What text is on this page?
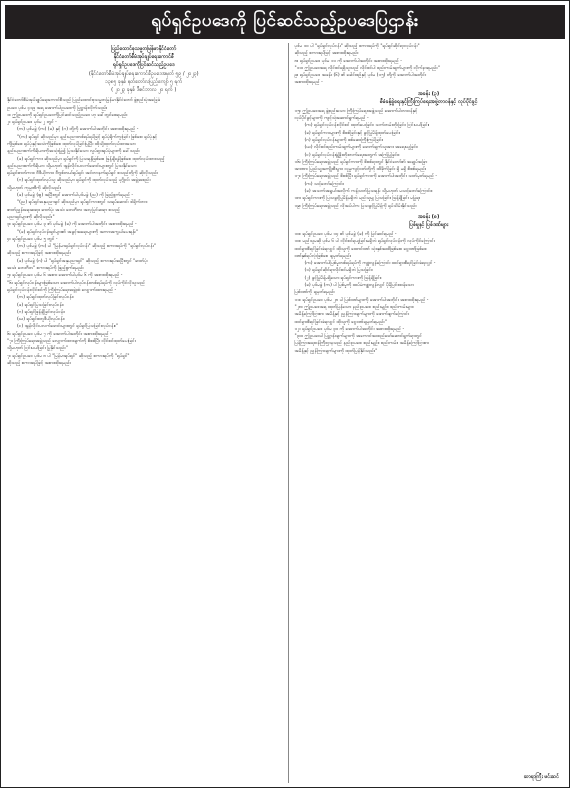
ရုပ်ရှင်ဥပဒေကို ပြင်ဆင်သည့်ဥပဒေပြဌာန်း
ပြည်ထောင်စုသမ္မတမြန်မာနိုင်ငံတော်
နိုင်ငံတော်စီမံအုပ်ချုပ်ရေးကောင်စီ
ရုပ်ရှင်ဥပဒေကိုပြင်ဆင်သည့်ဥပဒေ
(နိုင်ငံတော်စီမံအုပ်ချုပ်ရေးကောင်စီဥပဒေအမှတ် ၅၉ / ၂၀၂၃)
၁၃၈၅ ခုနှစ် နတ်တော်လပြည့်ကျော် ၅ ရက်
( ၂၀၂၃ ခုနှစ် ဒီဇင်ဘာလ ၂၀ ရက် )
နိုင်ငံတော်စီမံအုပ်ချုပ်ရေးကောင်စီသည် ပြည်ထောင်စုသမ္မတမြန်မာနိုင်ငံတော် ဖွဲ့စည်းပုံအခြေခံ
ဥပဒေ ပုဒ်မ ၄၁၉ အရ အောက်ပါဥပဒေကို ပြဋ္ဌာန်းလိုက်သည်။
၁။ ဤဥပဒေကို ရုပ်ရှင်ဥပဒေကိုပြင်ဆင်သည့်ဥပဒေ ဟု ခေါ်တွင်စေရမည်။
၂။ ရုပ်ရှင်ဥပဒေ ပုဒ်မ ၂ တွင် -
(က) ပုဒ်မခွဲ (က) (ခ) နှင့် (ဂ) တို့ကို အောက်ပါအတိုင်း အစားထိုးရမည် -
"(က) ရုပ်ရှင် ဆိုသည်မှာ နည်းပညာတစ်ရပ်ရပ်ဖြင့် ရုပ်ပုံရိုက်ကူးခြင်း ဖြစ်စေ၊ ရုပ်ပုံနှင့်
ကိုဖြစ်စေ ရုပ်ပုံနှင့်အသံကိုဖြစ်စေ ထုတ်လုပ်ခြင်းပြုပြီး ထိုသို့ထုတ်လုပ်ထားသော
နည်းပညာစက်ကိရိယာကိုအသုံးပြု၍ ပြသနိုင်သော လှုပ်ရှားရုပ်ပုံများကို ခေါ်သည်။
(ခ) ရုပ်ရှင်ကား ဆိုသည်မှာ ရုပ်ရှင်ကို ပြသရန်ဖြစ်စေ၊ ဖြန့်ချိရန်ဖြစ်စေ ထုတ်လုပ်ထားသည့်
နည်းပညာစက်ကိရိယာ သို့မဟုတ် အွန်လိုင်းပလက်ဖောင်းများတွင် ပြသနိုင်သော
ရုပ်ရှင်ဇာတ်ကား၊ ဗီဒီယိုကား၊ ဒီဂျစ်တယ်ရုပ်ရှင်၊ အင်တာနက်ရုပ်ရှင် စသည်တို့ကို ဆိုလိုသည်။
(ဂ) ရုပ်ရှင်ထုတ်လုပ်သူ ဆိုသည်မှာ ရုပ်ရှင်ကို ထုတ်လုပ်သည့် ပုဂ္ဂိုလ်၊ အဖွဲ့အစည်း
သို့မဟုတ် ကုမ္ပဏီကို ဆိုလိုသည်။
(ခ) ပုဒ်မခွဲ (ဈ) အပြီးတွင် အောက်ပါပုဒ်မခွဲ (ည) ကို ဖြည့်စွက်ရမည် -
"(ည) ရုပ်ရှင်အနုပညာရှင် ဆိုသည်မှာ ရုပ်ရှင်ကားတွင် သရုပ်ဆောင်၊ ဒါရိုက်တာ၊
ဇာတ်ညွှန်းရေးဆရာ၊ ဓာတ်ပုံ၊ အသံ၊ တေးဂီတ၊ အလှပြင်ဆရာ စသည့်
ပညာရှင်များကို ဆိုလိုသည်။"
၃။ ရုပ်ရှင်ဥပဒေ ပုဒ်မ ၃ ၏ ပုဒ်မခွဲ (ခ) ကို အောက်ပါအတိုင်း အစားထိုးရမည် -
"(ခ) ရုပ်ရှင်လုပ်ငန်းရှင်များ၏ အခွင့်အရေးများကို အကာအကွယ်ပေးရန်။"
၄။ ရုပ်ရှင်ဥပဒေ ပုဒ်မ ၅ တွင် -
(က) ပုဒ်မခွဲ (က) ပါ "မြန်မာရုပ်ရှင်လုပ်ငန်း" ဆိုသည့် စကားရပ်ကို "ရုပ်ရှင်လုပ်ငန်း"
ဆိုသည့် စကားရပ်ဖြင့် အစားထိုးရမည်။
(ခ) ပုဒ်မခွဲ (ဂ) ပါ "ရုပ်ရှင်အနုပညာရှင်" ဆိုသည့် စကားရပ်အပြီးတွင် "ဓာတ်ပုံ၊
အသံ၊ တေးဂီတ" စကားရပ်ကို ဖြည့်စွက်ရမည်။
၅။ ရုပ်ရှင်ဥပဒေ ပုဒ်မ ၆ အစား အောက်ပါပုဒ်မ ၆ ကို အစားထိုးရမည် -
"၆။ ရုပ်ရှင်လုပ်ငန်းများဖြစ်သော အောက်ပါလုပ်ငန်းတစ်ရပ်ရပ်ကို လုပ်ကိုင်လိုသူသည်
ရုပ်ရှင်လုပ်ငန်းလိုင်စင်ကို ကြီးကြပ်ရေးအဖွဲ့ထံ လျှောက်ထားရမည် -
(က) ရုပ်ရှင်ထုတ်လုပ်ခြင်းလုပ်ငန်း၊
(ခ) ရုပ်ရှင်ပြသခြင်းလုပ်ငန်း၊
(ဂ) ရုပ်ရှင်ဖြန့်ချိခြင်းလုပ်ငန်း၊
(ဃ) ရုပ်ရှင်စတူဒီယိုလုပ်ငန်း၊
(င) အွန်လိုင်းပလက်ဖောင်းများတွင် ရုပ်ရှင်ပြသခြင်းလုပ်ငန်း။"
၆။ ရုပ်ရှင်ဥပဒေ ပုဒ်မ ၇ ကို အောက်ပါအတိုင်း အစားထိုးရမည် -
"၇။ ကြီးကြပ်ရေးအဖွဲ့သည် လျှောက်ထားချက်ကို စိစစ်ပြီး လိုင်စင်ထုတ်ပေးခြင်း
သို့မဟုတ် ငြင်းပယ်ခြင်း ပြုနိုင်သည်။"
၇။ ရုပ်ရှင်ဥပဒေ ပုဒ်မ ၈ ပါ "မြန်မာရုပ်ရှင်" ဆိုသည့် စကားရပ်ကို "ရုပ်ရှင်"
ဆိုသည့် စကားရပ်ဖြင့် အစားထိုးရမည်။
ပုဒ်မ ၁၀ ပါ "ရုပ်ရှင်လုပ်ငန်း" ဆိုသည့် စကားရပ်ကို "ရုပ်ရှင်ဆိုင်ရာလုပ်ငန်း"
ဆိုသည့် စကားရပ်ဖြင့် အစားထိုးရမည်။
၈။ ရုပ်ရှင်ဥပဒေ ပုဒ်မ ၁၁ ကို အောက်ပါအတိုင်း အစားထိုးရမည် -
"၁၁။ ဤဥပဒေအရ လိုင်စင်ရရှိသူသည် လိုင်စင်ပါ စည်းကမ်းချက်များကို လိုက်နာရမည်။"
၉။ ရုပ်ရှင်ဥပဒေ အခန်း (၆) ၏ ခေါင်းစဉ်နှင့် ပုဒ်မ (၁၅) တို့ကို အောက်ပါအတိုင်း
အစားထိုးရမည် -
အခန်း (၃)
စီမံခန့်ခွဲရေးနှင့်ကြီးကြပ်ရေးအဖွဲ့တာဝန်နှင့် လုပ်ပိုင်ခွင့်
၁၅။ ဤဥပဒေအရ ဖွဲ့စည်းသော ကြီးကြပ်ရေးအဖွဲ့သည် အောက်ပါတာဝန်နှင့်
လုပ်ပိုင်ခွင့်များကို ကျင့်သုံးဆောင်ရွက်ရမည် -
(က) ရုပ်ရှင်လုပ်ငန်းလိုင်စင် ထုတ်ပေးခြင်း၊ သက်တမ်းတိုးခြင်း၊ ငြင်းပယ်ခြင်း၊
(ခ) ရုပ်ရှင်ကားများကို စိစစ်ခြင်းနှင့် ခွင့်ပြုမိန့်ထုတ်ပေးခြင်း၊
(ဂ) ရုပ်ရှင်လုပ်ငန်းများကို စစ်ဆေးကြီးကြပ်ခြင်း၊
(ဃ) လိုင်စင်စည်းကမ်းချက်များကို ဖောက်ဖျက်သူအား အရေးယူခြင်း၊
(င) ရုပ်ရှင်လုပ်ငန်းဖွံ့ဖြိုးတိုးတက်ရေးအတွက် အကြံပြုခြင်း။
၁၆။ ကြီးကြပ်ရေးအဖွဲ့သည် ရုပ်ရှင်ကားကို စိစစ်ရာတွင် နိုင်ငံတော်၏ အချုပ်အခြာ
အာဏာ၊ ပြည်သူ့အကျိုးစီးပွား၊ လူမှုကျင့်ဝတ်တို့ကို ထိခိုက်ခြင်း ရှိ မရှိ စိစစ်ရမည်။
၁၇။ ကြီးကြပ်ရေးအဖွဲ့သည် စိစစ်ပြီး ရုပ်ရှင်ကားကို အောက်ပါအတိုင်း သတ်မှတ်ရမည် -
(က) သင့်တော်ကြောင်း၊
(ခ) အသက်အရွယ်အလိုက် ကန့်သတ်ပြသရန်၊ သို့မဟုတ် မသင့်တော်ကြောင်း။
၁၈။ ရုပ်ရှင်ကားကို ပြသခွင့်ပြုမိန့်မရှိဘဲ မည်သူမျှ ပြသခြင်း၊ ဖြန့်ချိခြင်း မပြုရ။
၁၉။ ကြီးကြပ်ရေးအဖွဲ့သည် လိုအပ်ပါက ပြသခွင့်ပြုမိန့်ကို ရုပ်သိမ်းနိုင်သည်။
အခန်း (၈)
ပြစ်မှုနှင့် ပြစ်ဒဏ်များ
၁၀။ ရုပ်ရှင်ဥပဒေ ပုဒ်မ ၁၄ ၏ ပုဒ်မခွဲ (ခ) ကို ပြင်ဆင်ရမည် -
၁၀။ မည်သူမဆို ပုဒ်မ ၆ ပါ လိုင်စင်ရယူခြင်းမရှိဘဲ ရုပ်ရှင်လုပ်ငန်းကို လုပ်ကိုင်ကြောင်း
ထင်ရှားစီရင်ခြင်းခံရလျှင် ထိုသူကို ထောင်ဒဏ် သုံးနှစ်အထိဖြစ်စေ၊ ငွေဒဏ်ဖြစ်စေ
ဒဏ်နှစ်ရပ်လုံးဖြစ်စေ ချမှတ်ရမည်။
(က) အောက်ပါပြစ်မှုတစ်ရပ်ရပ်ကို ကျူးလွန်ကြောင်း ထင်ရှားစီရင်ခြင်းခံရလျှင် -
(၁) ရုပ်ရှင်ဆိုင်ရာလိုင်စင်မရှိဘဲ ပြသခြင်း၊
(၂) ခွင့်ပြုမိန့်မရှိသော ရုပ်ရှင်ကားကို ဖြန့်ချိခြင်း၊
(ခ) ပုဒ်မခွဲ (က) ပါ ပြစ်မှုကို ထပ်မံကျူးလွန်လျှင် ပိုမိုပြင်းထန်သော
ပြစ်ဒဏ်ကို ချမှတ်ရမည်။
၁၁။ ရုပ်ရှင်ဥပဒေ ပုဒ်မ ၂၈ ပါ ပြစ်ဒဏ်များကို အောက်ပါအတိုင်း အစားထိုးရမည် -
"၂၈။ ဤဥပဒေအရ ထုတ်ပြန်သော နည်းဥပဒေ၊ စည်းမျဉ်း၊ စည်းကမ်းများ၊
အမိန့်ကြော်ငြာစာ၊ အမိန့်နှင့် ညွှန်ကြားချက်များကို ဖောက်ဖျက်ကြောင်း
ထင်ရှားစီရင်ခြင်းခံရလျှင် ထိုသူကို ငွေဒဏ်ချမှတ်ရမည်။"
၁၂။ ရုပ်ရှင်ဥပဒေ ပုဒ်မ ၃၀ ကို အောက်ပါအတိုင်း အစားထိုးရမည် -
"၃၀။ ဤဥပဒေပါ ပြဋ္ဌာန်းချက်များကို အကောင်အထည်ဖော်ဆောင်ရွက်ရာတွင်
ပြန်ကြားရေးဝန်ကြီးဌာနသည် နည်းဥပဒေ၊ စည်းမျဉ်း၊ စည်းကမ်း၊ အမိန့်ကြော်ငြာစာ၊
အမိန့်နှင့် ညွှန်ကြားချက်များကို ထုတ်ပြန်နိုင်သည်။"
ဆာရာကြီး မင်းဆင်
